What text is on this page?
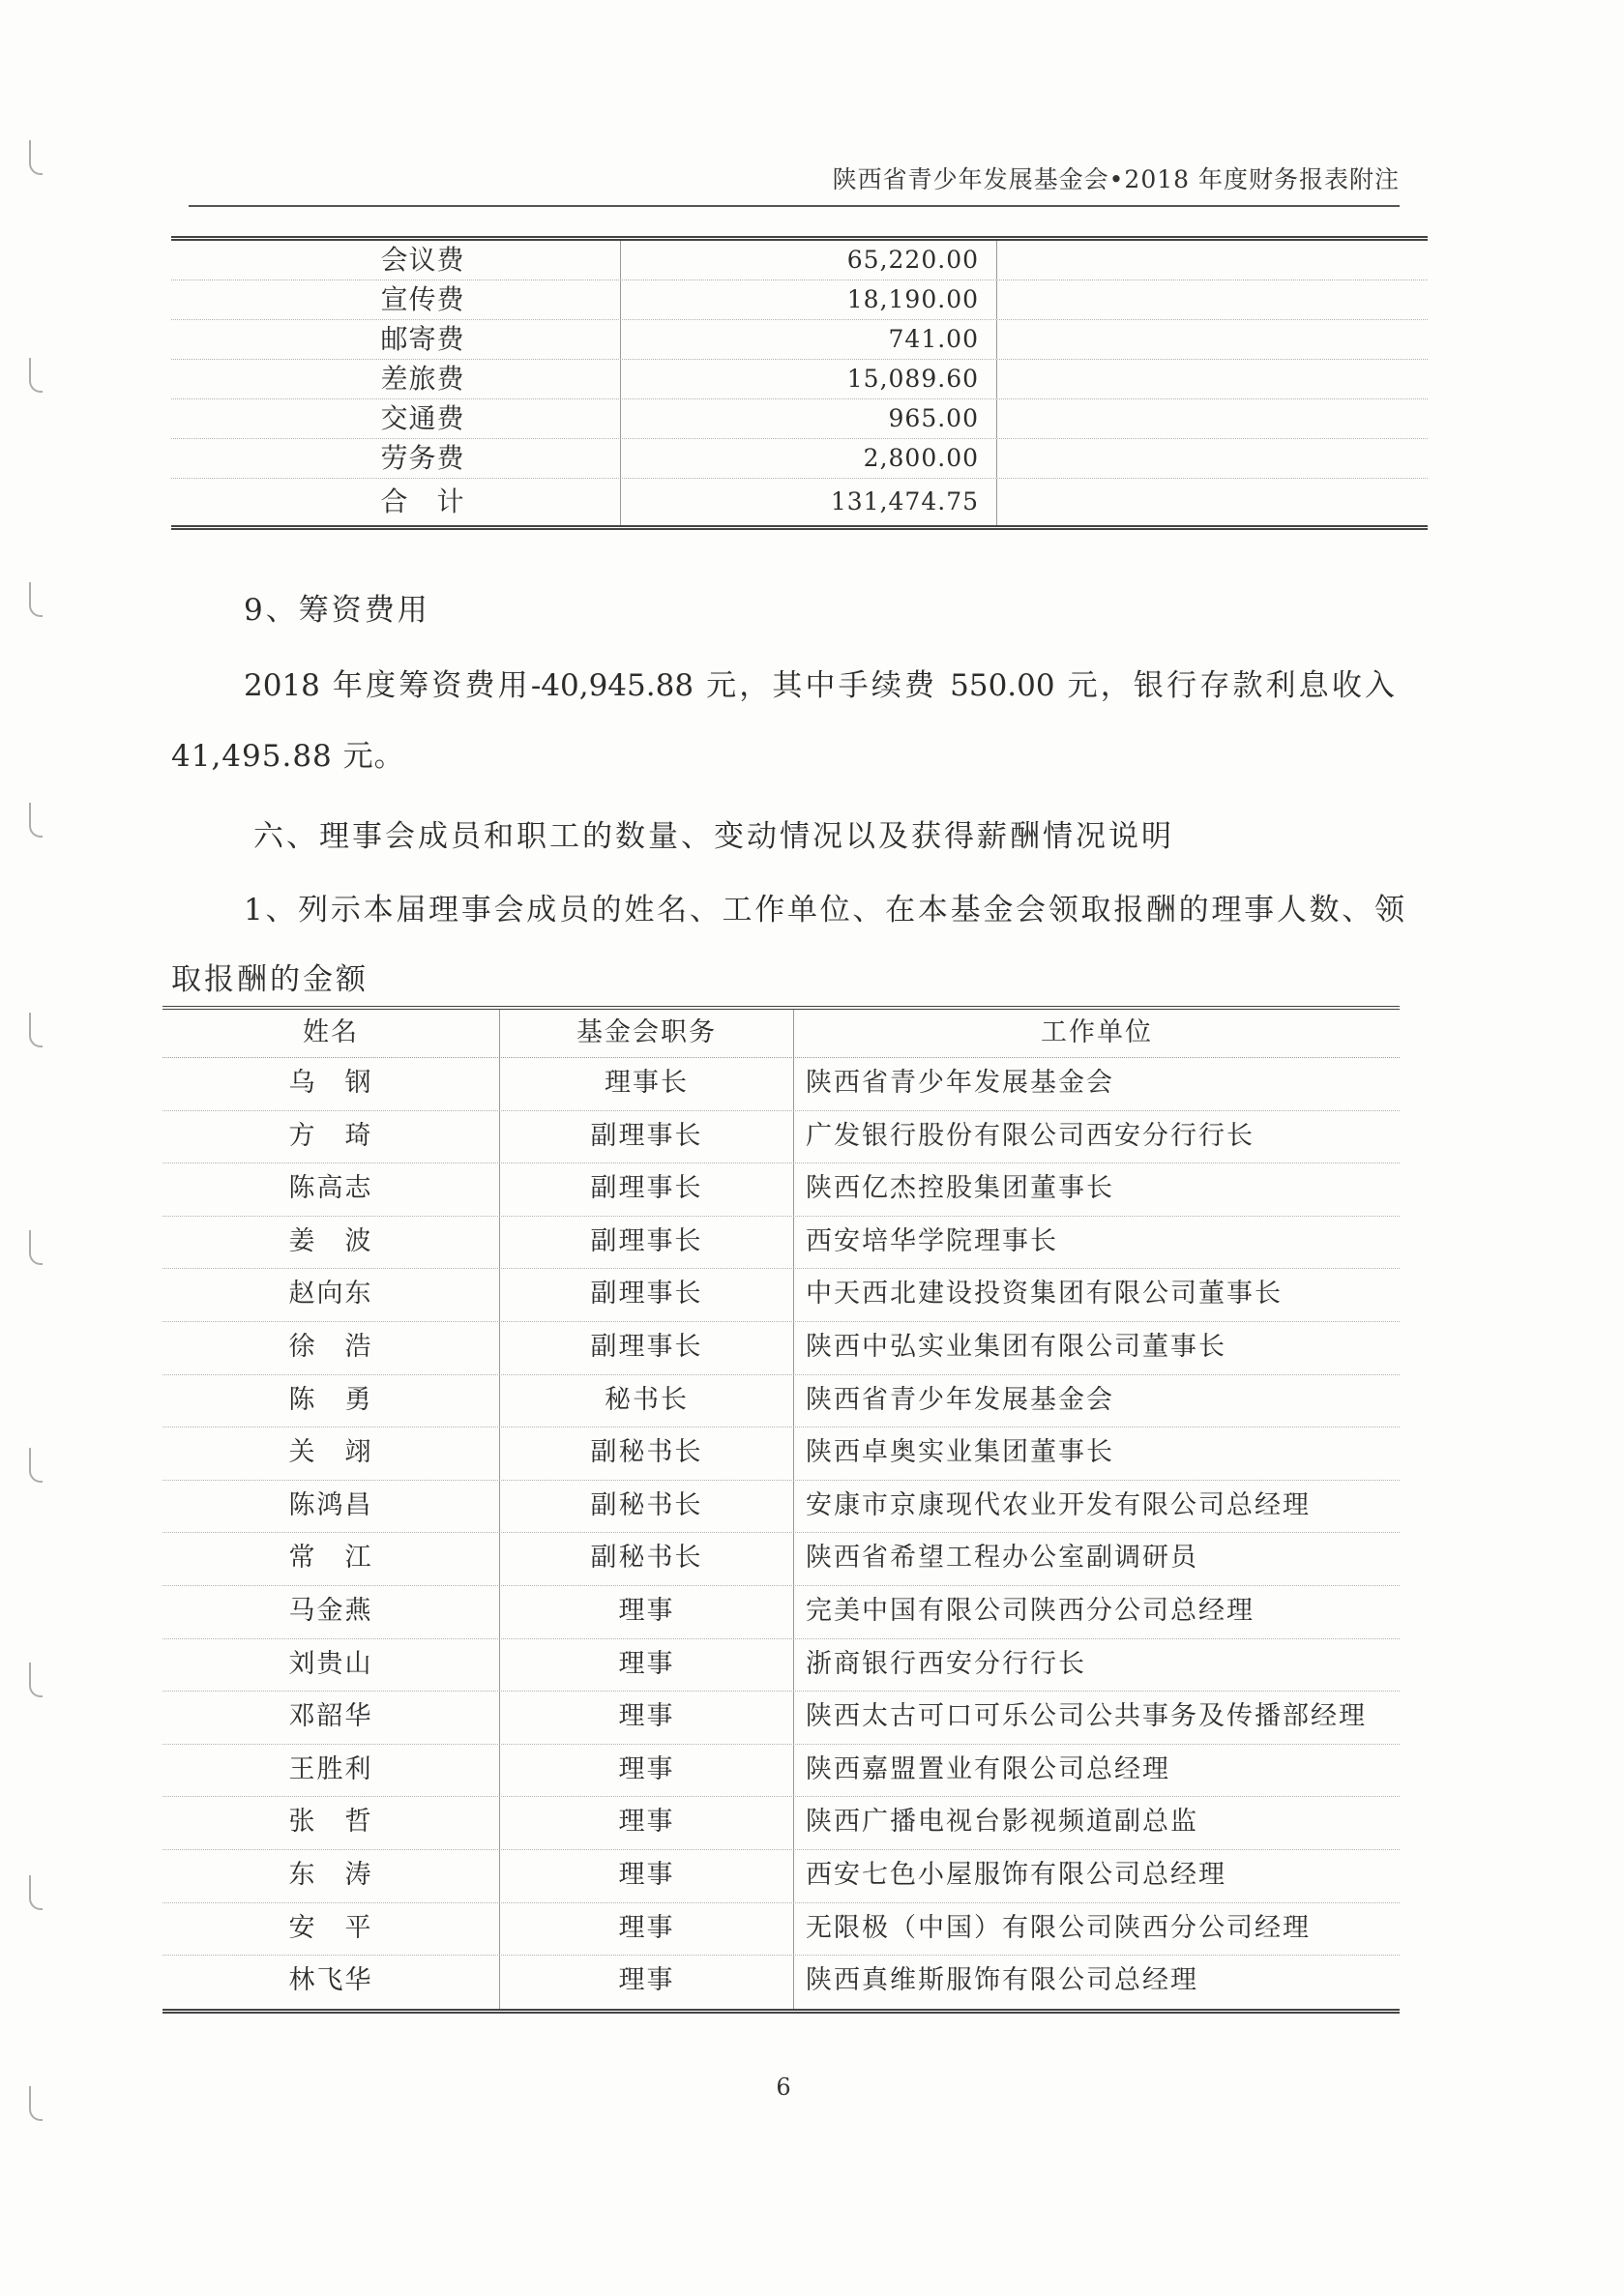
陕西省青少年发展基金会•2018 年度财务报表附注
会议费	65,220.00
宣传费	18,190.00
邮寄费	741.00
差旅费	15,089.60
交通费	965.00
劳务费	2,800.00
合　计	131,474.75
9、筹资费用
2018 年度筹资费用-40,945.88 元，其中手续费 550.00 元，银行存款利息收入
41,495.88 元。
六、理事会成员和职工的数量、变动情况以及获得薪酬情况说明
1、列示本届理事会成员的姓名、工作单位、在本基金会领取报酬的理事人数、领
取报酬的金额
姓名	基金会职务	工作单位
乌　钢	理事长	陕西省青少年发展基金会
方　琦	副理事长	广发银行股份有限公司西安分行行长
陈高志	副理事长	陕西亿杰控股集团董事长
姜　波	副理事长	西安培华学院理事长
赵向东	副理事长	中天西北建设投资集团有限公司董事长
徐　浩	副理事长	陕西中弘实业集团有限公司董事长
陈　勇	秘书长	陕西省青少年发展基金会
关　翊	副秘书长	陕西卓奥实业集团董事长
陈鸿昌	副秘书长	安康市京康现代农业开发有限公司总经理
常　江	副秘书长	陕西省希望工程办公室副调研员
马金燕	理事	完美中国有限公司陕西分公司总经理
刘贵山	理事	浙商银行西安分行行长
邓韶华	理事	陕西太古可口可乐公司公共事务及传播部经理
王胜利	理事	陕西嘉盟置业有限公司总经理
张　哲	理事	陕西广播电视台影视频道副总监
东　涛	理事	西安七色小屋服饰有限公司总经理
安　平	理事	无限极（中国）有限公司陕西分公司经理
林飞华	理事	陕西真维斯服饰有限公司总经理
6
